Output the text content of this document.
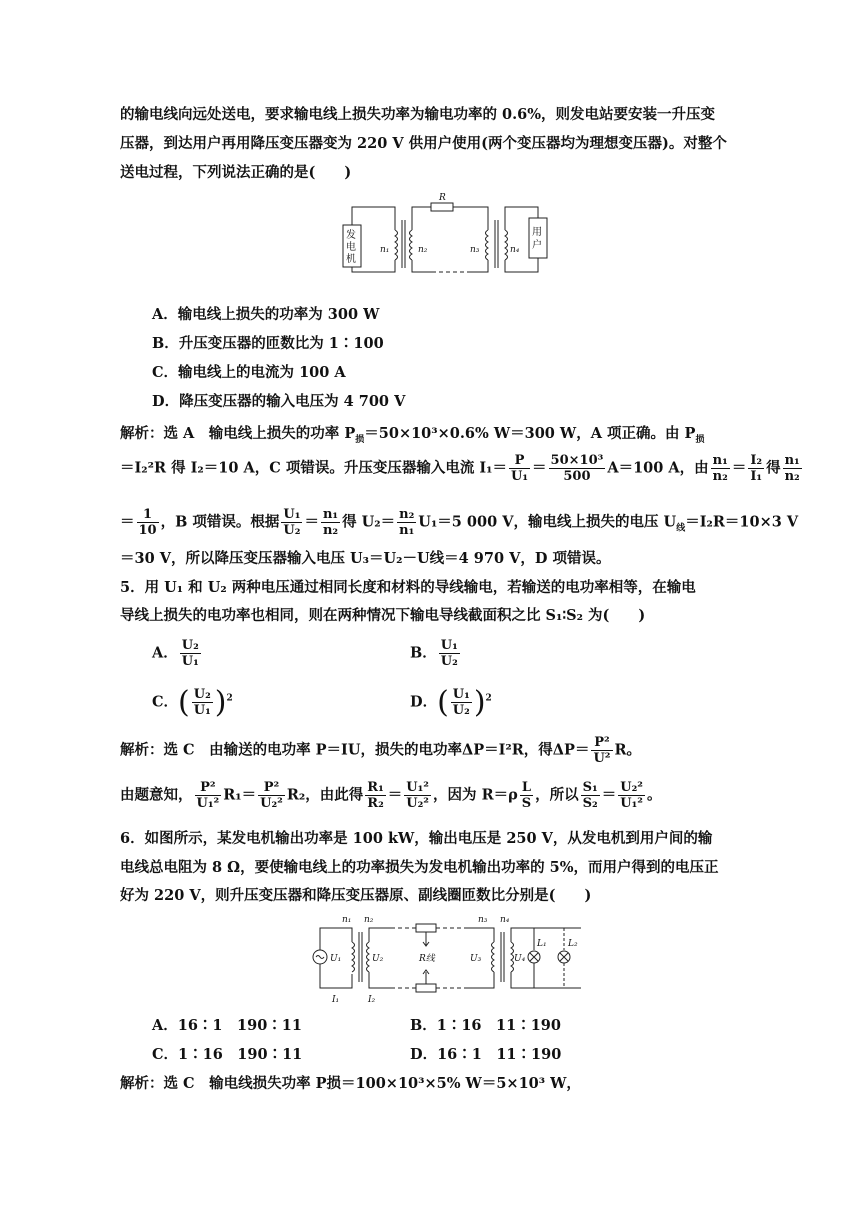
的输电线向远处送电，要求输电线上损失功率为输电功率的 0.6%，则发电站要安装一升压变
压器，到达用户再用降压变压器变为 220 V 供用户使用(两个变压器均为理想变压器)。对整个
送电过程，下列说法正确的是(　　)
发
电
机
用
户
R
n₁	n₂	n₃	n₄
A．输电线上损失的功率为 300 W
B．升压变压器的匝数比为 1∶100
C．输电线上的电流为 100 A
D．降压变压器的输入电压为 4 700 V
解析：选 A　输电线上损失的功率 $P_损=50\times 10^3\times 0.6\%$ W＝300 W，A 项正确。由 $P_损$
＝I₂²R 得 I₂＝10 A，C 项错误。升压变压器输入电流 $I_1= \frac{P}{\text{U₁}} = \frac{\text{50×10³}}{500} A=100$ A，由 $\frac{\text{n₁}}{\text{n₂}} = \frac{\text{I₂}}{\text{I₁}}$ 得 $\frac{\text{n₁}}{\text{n₂}}$
＝ $\frac{1}{10}$ ，B 项错误。根据 $\frac{\text{U₁}}{\text{U₂}} = \frac{\text{n₁}}{\text{n₂}}$ 得 $U_2= \frac{\text{n₂}}{\text{n₁}} U_1=5$ 000 V，输电线上损失的电压 $U_线=I_2R=10\times 3$ V
＝30 V，所以降压变压器输入电压 U₃＝U₂－U线＝4 970 V，D 项错误。
5．用 U₁ 和 U₂ 两种电压通过相同长度和材料的导线输电，若输送的电功率相等，在输电
导线上损失的电功率也相同，则在两种情况下输电导线截面积之比 S₁∶S₂ 为(　　)
A． $\frac{\text{U₂}}{\text{U₁}}$	B． $\frac{\text{U₁}}{\text{U₂}}$
C．( $\frac{\text{U₂}}{\text{U₁}} )^2$	D．( $\frac{\text{U₁}}{\text{U₂}} )^2$
解析：选 C　由输送的电功率 P＝IU，损失的电功率ΔP＝I²R，得$\Delta P= \frac{\text{P²}}{\text{U²}}$ R。
由题意知， $\frac{\text{P²}}{\text{U₁²}} R_1= \frac{\text{P²}}{\text{U₂²}} R_2$，由此得 $\frac{\text{R₁}}{\text{R₂}} = \frac{\text{U₁²}}{\text{U₂²}}$ ，因为 $R=\rho \frac{L}{S}$ ，所以 $\frac{\text{S₁}}{\text{S₂}} = \frac{\text{U₂²}}{\text{U₁²}}$ 。
6．如图所示，某发电机输出功率是 100 kW，输出电压是 250 V，从发电机到用户间的输
电线总电阻为 8 Ω，要使输电线上的功率损失为发电机输出功率的 5%，而用户得到的电压正
好为 220 V，则升压变压器和降压变压器原、副线圈匝数比分别是(　　)
n₁ n₂	n₃ n₄
U₁	U₂	U₃	U₄
R线
L₁ L₂
I₁	I₂
A．16∶1　190∶11	B．1∶16　11∶190
C．1∶16　190∶11	D．16∶1　11∶190
解析：选 C　输电线损失功率 P损＝100×10³×5% W＝5×10³ W，
